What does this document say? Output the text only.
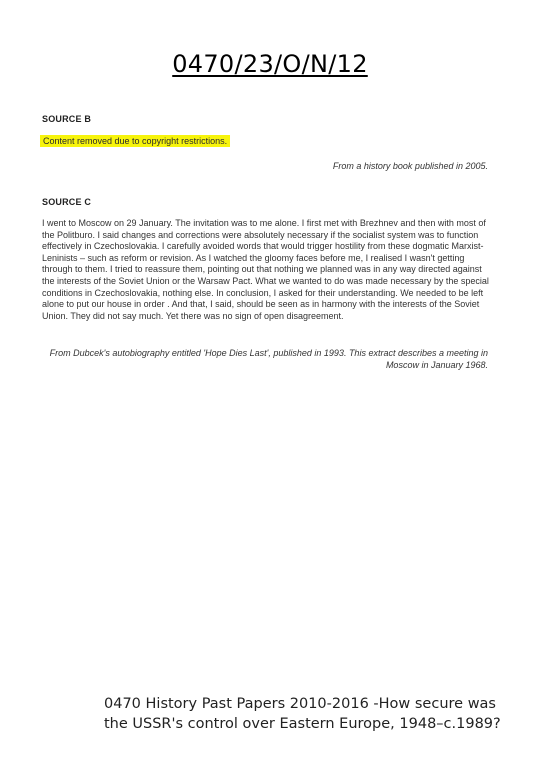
0470/23/O/N/12
SOURCE B
Content removed due to copyright restrictions.
From a history book published in 2005.
SOURCE C
I went to Moscow on 29 January. The invitation was to me alone. I first met with Brezhnev and then with most of the Politburo. I said changes and corrections were absolutely necessary if the socialist system was to function effectively in Czechoslovakia. I carefully avoided words that would trigger hostility from these dogmatic Marxist-Leninists – such as reform or revision. As I watched the gloomy faces before me, I realised I wasn't getting through to them. I tried to reassure them, pointing out that nothing we planned was in any way directed against the interests of the Soviet Union or the Warsaw Pact. What we wanted to do was made necessary by the special conditions in Czechoslovakia, nothing else. In conclusion, I asked for their understanding. We needed to be left alone to put our house in order . And that, I said, should be seen as in harmony with the interests of the Soviet Union. They did not say much. Yet there was no sign of open disagreement.
From Dubcek's autobiography entitled 'Hope Dies Last', published in 1993. This extract describes a meeting in Moscow in January 1968.
0470 History Past Papers 2010-2016 -How secure was the USSR's control over Eastern Europe, 1948–c.1989?
